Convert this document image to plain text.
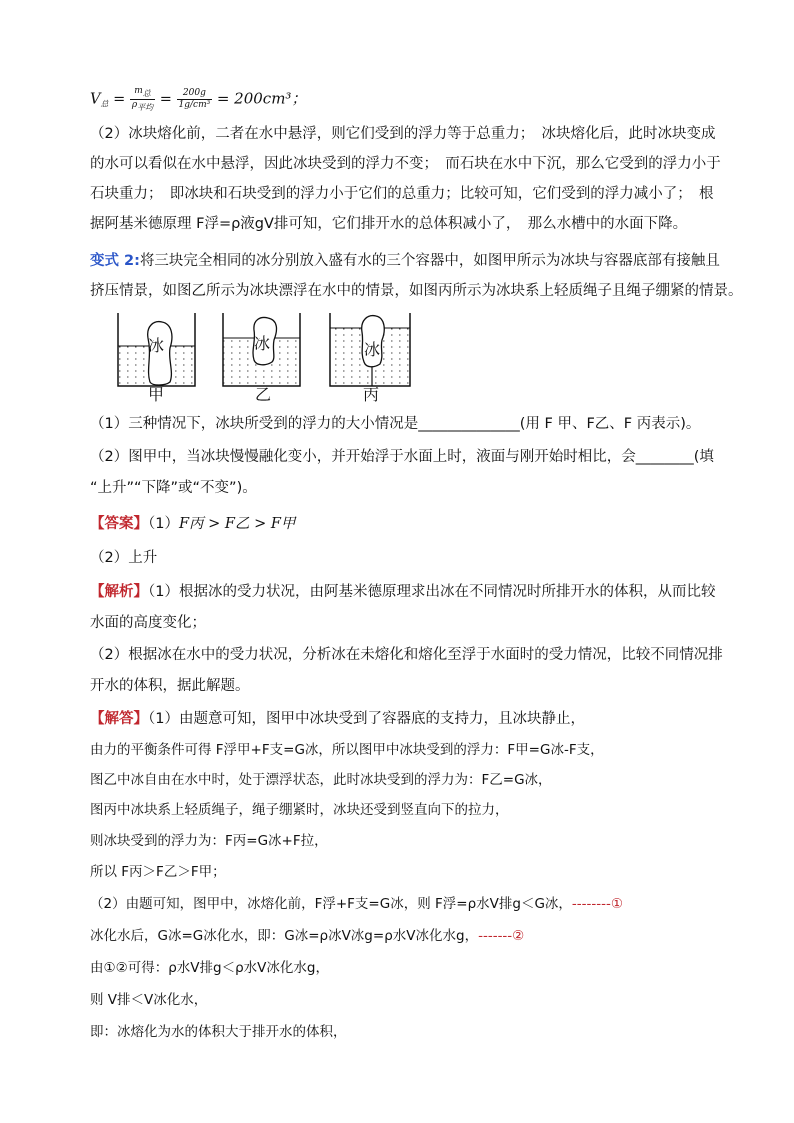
$V_总 = \frac{\text{m总}}{\text{ρ平均}} = \frac{200g}{\text{1g/cm³}} = 200cm^3$；
（2）冰块熔化前，二者在水中悬浮，则它们受到的浮力等于总重力；　冰块熔化后，此时冰块变成
的水可以看似在水中悬浮，因此冰块受到的浮力不变；　而石块在水中下沉，那么它受到的浮力小于
石块重力；　即冰块和石块受到的浮力小于它们的总重力；比较可知，它们受到的浮力减小了；　根
据阿基米德原理 F浮=ρ液gV排可知，它们排开水的总体积减小了，　那么水槽中的水面下降。
变式 2:将三块完全相同的冰分别放入盛有水的三个容器中，如图甲所示为冰块与容器底部有接触且
挤压情景，如图乙所示为冰块漂浮在水中的情景，如图丙所示为冰块系上轻质绳子且绳子绷紧的情景。
冰	冰	冰
甲	乙	丙
（1）三种情况下，冰块所受到的浮力的大小情况是______________(用 F 甲、F乙、F 丙表示)。
（2）图甲中，当冰块慢慢融化变小，并开始浮于水面上时，液面与刚开始时相比，会________(填
“上升”“下降”或“不变”)。
【答案】（1）F丙 > F乙 > F甲
（2）上升
【解析】（1）根据冰的受力状况，由阿基米德原理求出冰在不同情况时所排开水的体积，从而比较
水面的高度变化；
（2）根据冰在水中的受力状况，分析冰在未熔化和熔化至浮于水面时的受力情况，比较不同情况排
开水的体积，据此解题。
【解答】（1）由题意可知，图甲中冰块受到了容器底的支持力，且冰块静止，
由力的平衡条件可得 F浮甲+F支=G冰，所以图甲中冰块受到的浮力：F甲=G冰-F支，
图乙中冰自由在水中时，处于漂浮状态，此时冰块受到的浮力为：F乙=G冰，
图丙中冰块系上轻质绳子，绳子绷紧时，冰块还受到竖直向下的拉力，
则冰块受到的浮力为：F丙=G冰+F拉，
所以 F丙＞F乙＞F甲；
（2）由题可知，图甲中，冰熔化前，F浮+F支=G冰，则 F浮=ρ水V排g＜G冰，--------①
冰化水后，G冰=G冰化水，即：G冰=ρ冰V冰g=ρ水V冰化水g，-------②
由①②可得：ρ水V排g＜ρ水V冰化水g，
则 V排＜V冰化水，
即：冰熔化为水的体积大于排开水的体积，
